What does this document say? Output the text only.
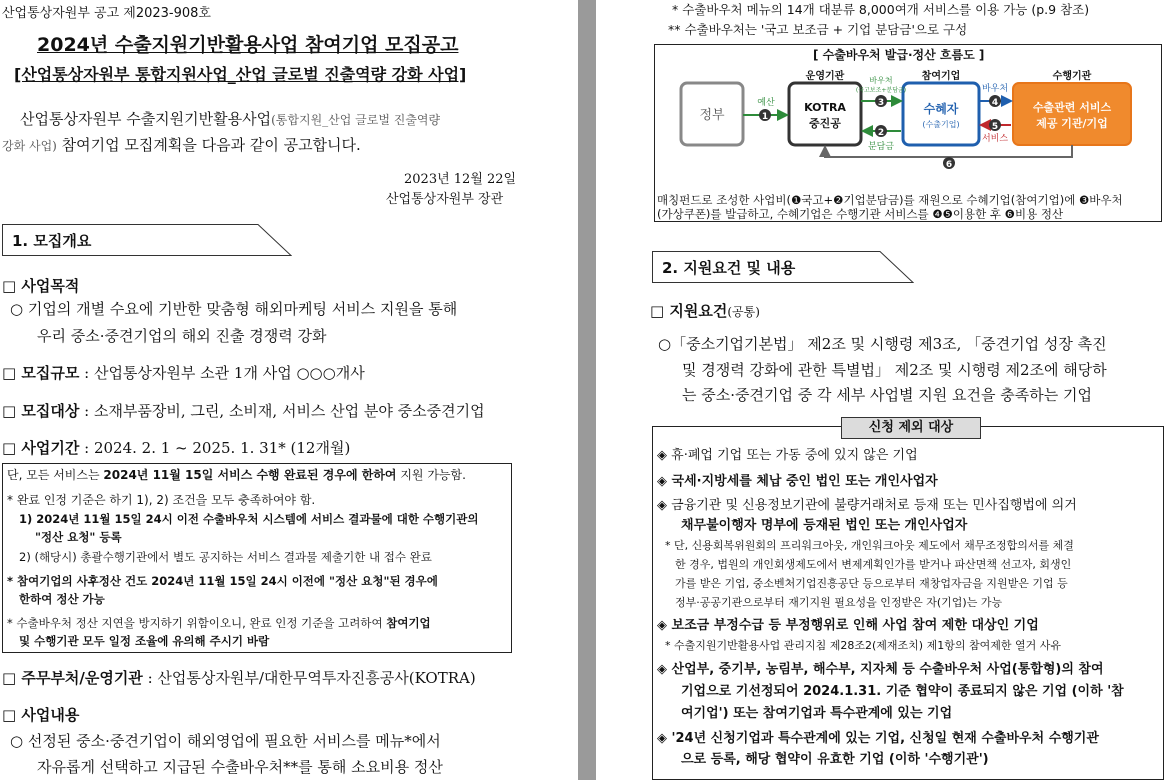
산업통상자원부 공고 제2023-908호
2024년 수출지원기반활용사업 참여기업 모집공고
[산업통상자원부 통합지원사업_산업 글로벌 진출역량 강화 사업]
산업통상자원부 수출지원기반활용사업(통합지원_산업 글로벌 진출역량
강화 사업) 참여기업 모집계획을 다음과 같이 공고합니다.
2023년 12월 22일
산업통상자원부 장관
1. 모집개요
□ 사업목적
○ 기업의 개별 수요에 기반한 맞춤형 해외마케팅 서비스 지원을 통해
우리 중소·중견기업의 해외 진출 경쟁력 강화
□ 모집규모 : 산업통상자원부 소관 1개 사업 ○○○개사
□ 모집대상 : 소재부품장비, 그린, 소비재, 서비스 산업 분야 중소중견기업
□ 사업기간 : 2024. 2. 1 ~ 2025. 1. 31* (12개월)
단, 모든 서비스는 2024년 11월 15일 서비스 수행 완료된 경우에 한하여 지원 가능함.
* 완료 인정 기준은 하기 1), 2) 조건을 모두 충족하여야 함.
1) 2024년 11월 15일 24시 이전 수출바우처 시스템에 서비스 결과물에 대한 수행기관의
"정산 요청" 등록
2) (해당시) 총괄수행기관에서 별도 공지하는 서비스 결과물 제출기한 내 접수 완료
* 참여기업의 사후정산 건도 2024년 11월 15일 24시 이전에 "정산 요청"된 경우에
한하여 정산 가능
* 수출바우처 정산 지연을 방지하기 위함이오니, 완료 인정 기준을 고려하여 참여기업
및 수행기관 모두 일정 조율에 유의해 주시기 바람
□ 주무부처/운영기관 : 산업통상자원부/대한무역투자진흥공사(KOTRA)
□ 사업내용
○ 선정된 중소·중견기업이 해외영업에 필요한 서비스를 메뉴*에서
자유롭게 선택하고 지급된 수출바우처**를 통해 소요비용 정산
* 수출바우처 메뉴의 14개 대분류 8,000여개 서비스를 이용 가능 (p.9 참조)
** 수출바우처는 '국고 보조금 + 기업 분담금'으로 구성
[ 수출바우처 발급·정산 흐름도 ]
1
2
3	4
5
6
정부
운영기관
KOTRA
중진공
참여기업
수혜자
(수출기업)
수행기관
수출관련 서비스
제공 기관/기업
예산
바우처
(국고보조+분담금)
분담금
바우처
서비스
매칭펀드로 조성한 사업비(❶국고+❷기업분담금)를 재원으로 수혜기업(참여기업)에 ❸바우처
(가상쿠폰)를 발급하고, 수혜기업은 수행기관 서비스를 ❹❺이용한 후 ❻비용 정산
2. 지원요건 및 내용
□ 지원요건(공통)
○「중소기업기본법」 제2조 및 시행령 제3조, 「중견기업 성장 촉진
및 경쟁력 강화에 관한 특별법」 제2조 및 시행령 제2조에 해당하
는 중소·중견기업 중 각 세부 사업별 지원 요건을 충족하는 기업
신청 제외 대상
◈ 휴·폐업 기업 또는 가동 중에 있지 않은 기업
◈ 국세·지방세를 체납 중인 법인 또는 개인사업자
◈ 금융기관 및 신용정보기관에 불량거래처로 등재 또는 민사집행법에 의거
채무불이행자 명부에 등재된 법인 또는 개인사업자
* 단, 신용회복위원회의 프리워크아웃, 개인워크아웃 제도에서 채무조정합의서를 체결
한 경우, 법원의 개인회생제도에서 변제계획인가를 받거나 파산면책 선고자, 회생인
가를 받은 기업, 중소벤처기업진흥공단 등으로부터 재창업자금을 지원받은 기업 등
정부·공공기관으로부터 재기지원 필요성을 인정받은 자(기업)는 가능
◈ 보조금 부정수급 등 부정행위로 인해 사업 참여 제한 대상인 기업
* 수출지원기반활용사업 관리지침 제28조2(제재조치) 제1항의 참여제한 열거 사유
◈ 산업부, 중기부, 농림부, 해수부, 지자체 등 수출바우처 사업(통합형)의 참여
기업으로 기선정되어 2024.1.31. 기준 협약이 종료되지 않은 기업 (이하 '참
여기업') 또는 참여기업과 특수관계에 있는 기업
◈ '24년 신청기업과 특수관계에 있는 기업, 신청일 현재 수출바우처 수행기관
으로 등록, 해당 협약이 유효한 기업 (이하 '수행기관')
